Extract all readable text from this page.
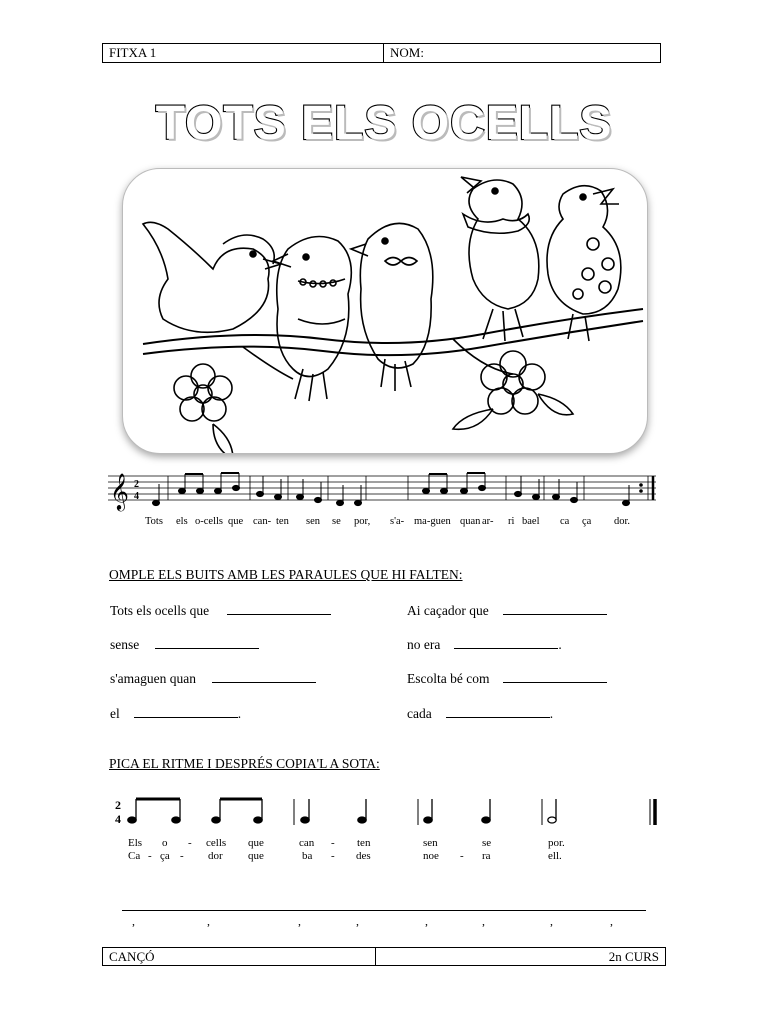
FITXA 1	NOM:
TOTS ELS OCELLS
𝄞 2
4
Tots els o-cells que can- ten sen se por, s'a- ma-guen quan ar- ri bael ca ça dor.
OMPLE ELS BUITS AMB LES PARAULES QUE HI FALTEN:
Tots els ocells que
sense
s'amaguen quan
el	.
Ai caçador que
no era	.
Escolta bé com
cada	.
PICA EL RITME I DESPRÉS COPIA'L A SOTA:
2
4
Els o - cells que	can - ten	sen	se	por.
Ca - ça - dor que	ba - des	noe - ra	ell.
,	,	,	,	,	,	,	,
CANÇÓ	2n CURS
